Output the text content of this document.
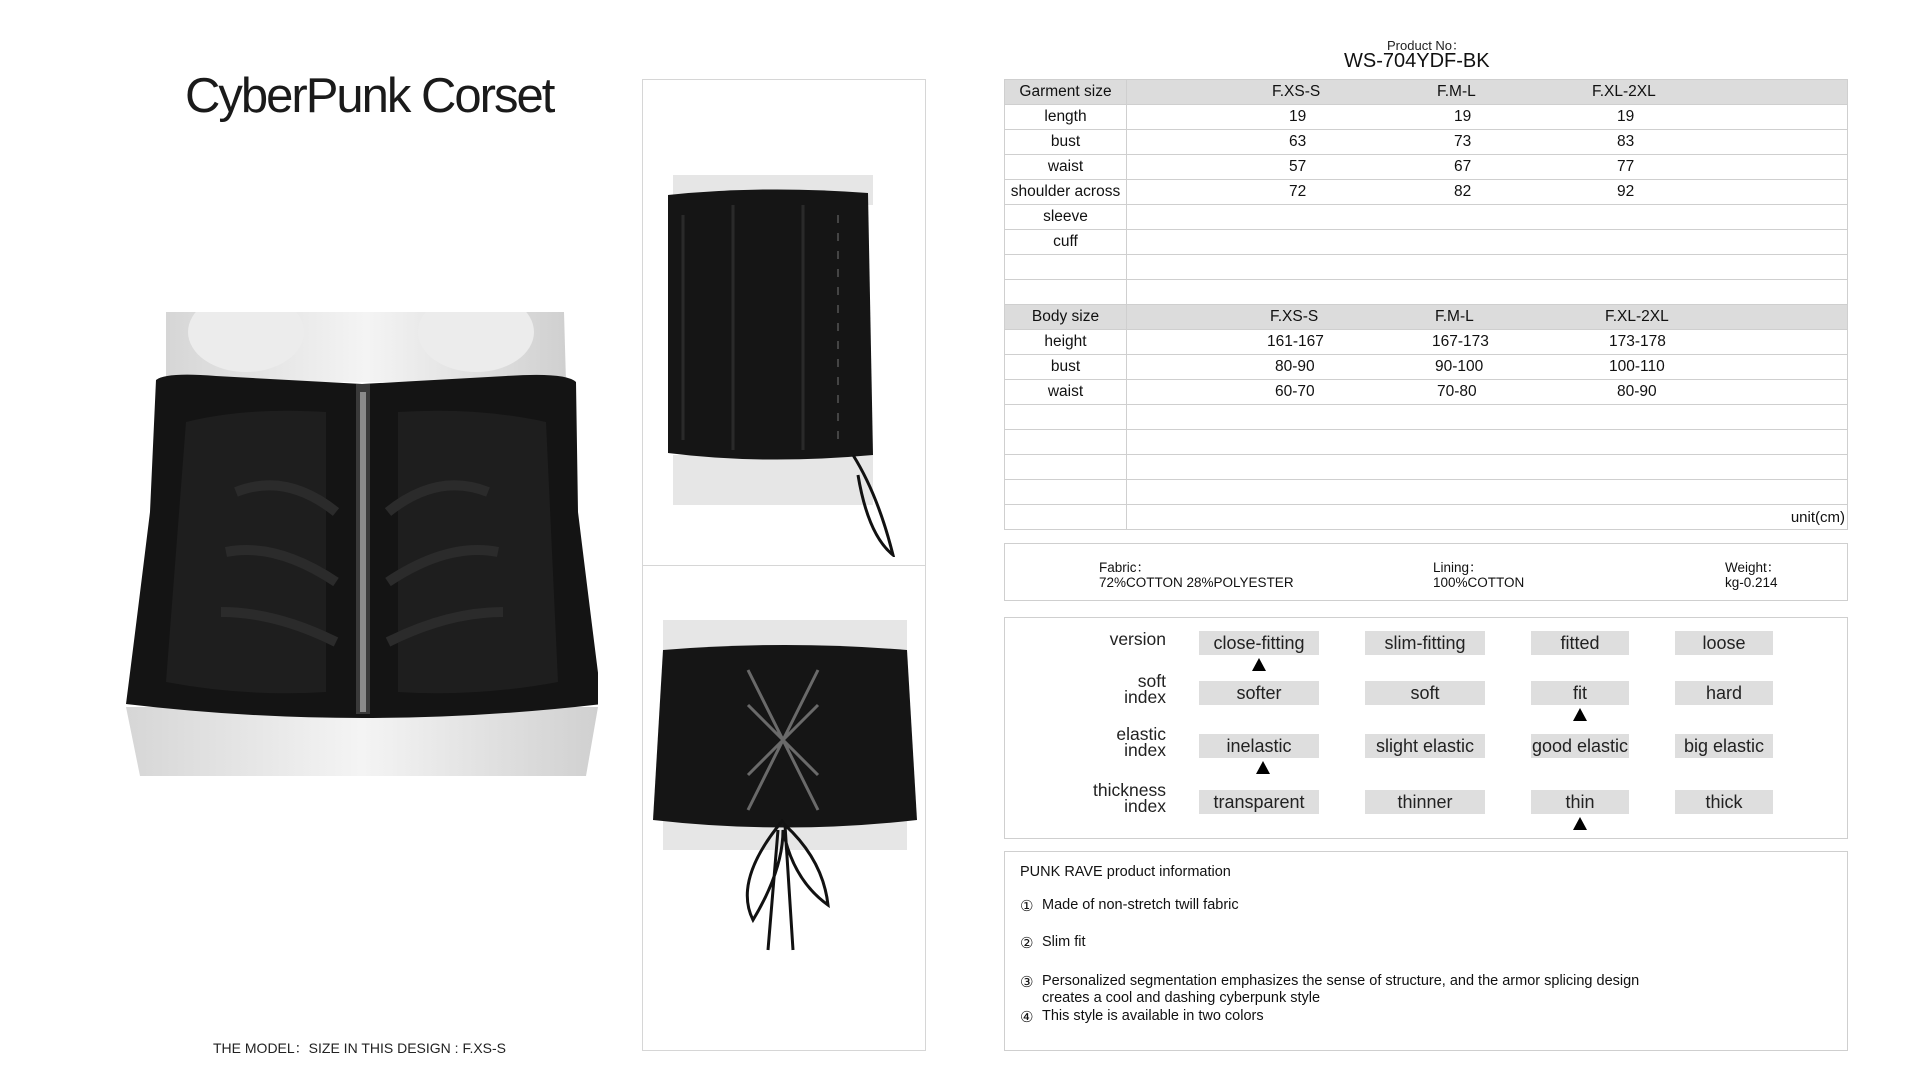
CyberPunk Corset
THE MODEL：SIZE IN THIS DESIGN : F.XS-S
Product No：
WS-704YDF-BK
Garment size	F.XS-S F.M-L F.XL-2XL

length	19 19 19

bust	63 73 83

waist	57 67 77

shoulder across	72 82 92

sleeve	
cuff	

Body size	F.XS-S F.M-L F.XL-2XL

height	161-167 167-173 173-178

bust	80-90 90-100 100-110

waist	60-70 70-80 80-90

	unit(cm)
Fabric：
72%COTTON 28%POLYESTER
Lining：
100%COTTON
Weight：
kg-0.214
version	close-fitting	slim-fitting	fitted	loose
soft
index	softer	soft	fit	hard
elastic
index	inelastic	slight elastic	good elastic	big elastic
thickness
index	transparent	thinner	thin	thick
PUNK RAVE product information
① Made of non-stretch twill fabric
② Slim fit
③ Personalized segmentation emphasizes the sense of structure, and the armor splicing design
creates a cool and dashing cyberpunk style
④ This style is available in two colors
